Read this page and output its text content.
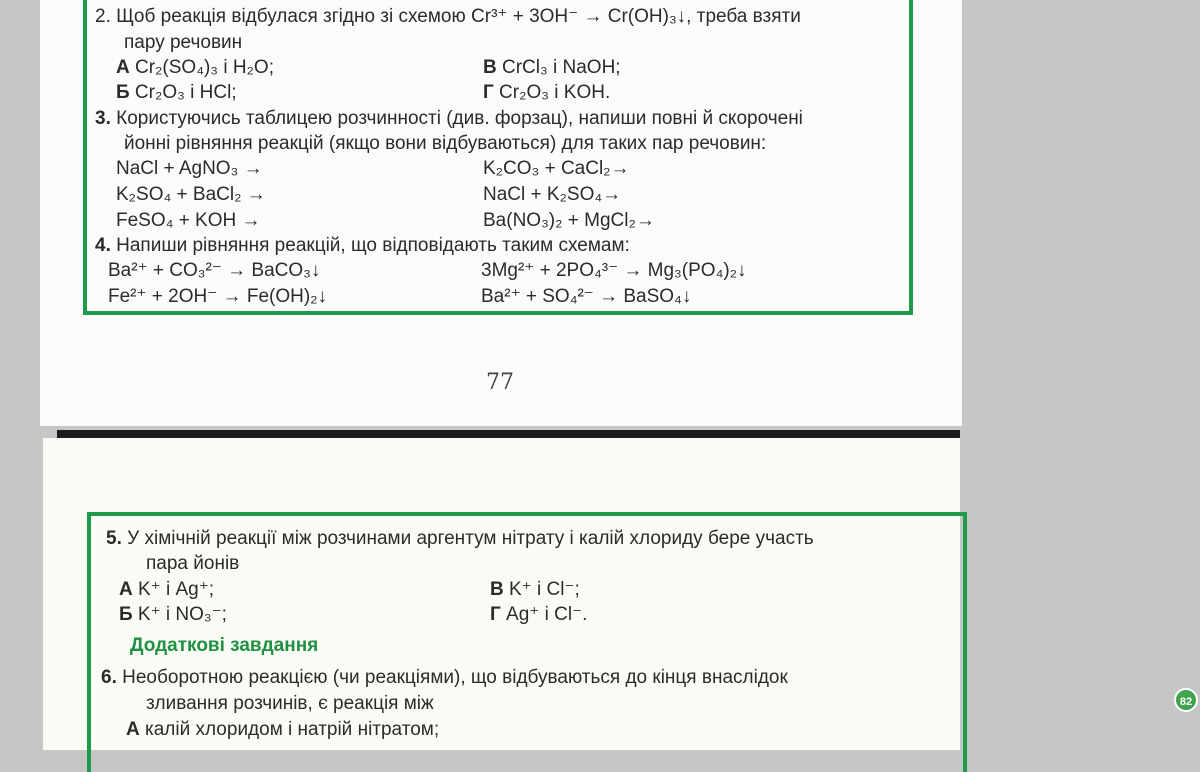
2. Щоб реакція відбулася згідно зі схемою Cr³⁺ + 3OH⁻ → Cr(OH)₃↓, треба взяти
пару речовин
А Cr₂(SO₄)₃ і H₂O;
Б Cr₂O₃ і HCl;
В CrCl₃ і NaOH;
Г Cr₂O₃ і KOH.
3. Користуючись таблицею розчинності (див. форзац), напиши повні й скорочені
йонні рівняння реакцій (якщо вони відбуваються) для таких пар речовин:
NaCl + AgNO₃ →
K₂SO₄ + BaCl₂ →
FeSO₄ + KOH →
K₂CO₃ + CaCl₂→
NaCl + K₂SO₄→
Ba(NO₃)₂ + MgCl₂→
4. Напиши рівняння реакцій, що відповідають таким схемам:
Ba²⁺ + CO₃²⁻ → BaCO₃↓
Fe²⁺ + 2OH⁻ → Fe(OH)₂↓
3Mg²⁺ + 2PO₄³⁻ → Mg₃(PO₄)₂↓
Ba²⁺ + SO₄²⁻ → BaSO₄↓
77
5. У хімічній реакції між розчинами аргентум нітрату і калій хлориду бере участь
пара йонів
А K⁺ і Ag⁺;
Б K⁺ і NO₃⁻;
В K⁺ і Cl⁻;
Г Ag⁺ і Cl⁻.
Додаткові завдання
6. Необоротною реакцією (чи реакціями), що відбуваються до кінця внаслідок
зливання розчинів, є реакція між
А калій хлоридом і натрій нітратом;
82
